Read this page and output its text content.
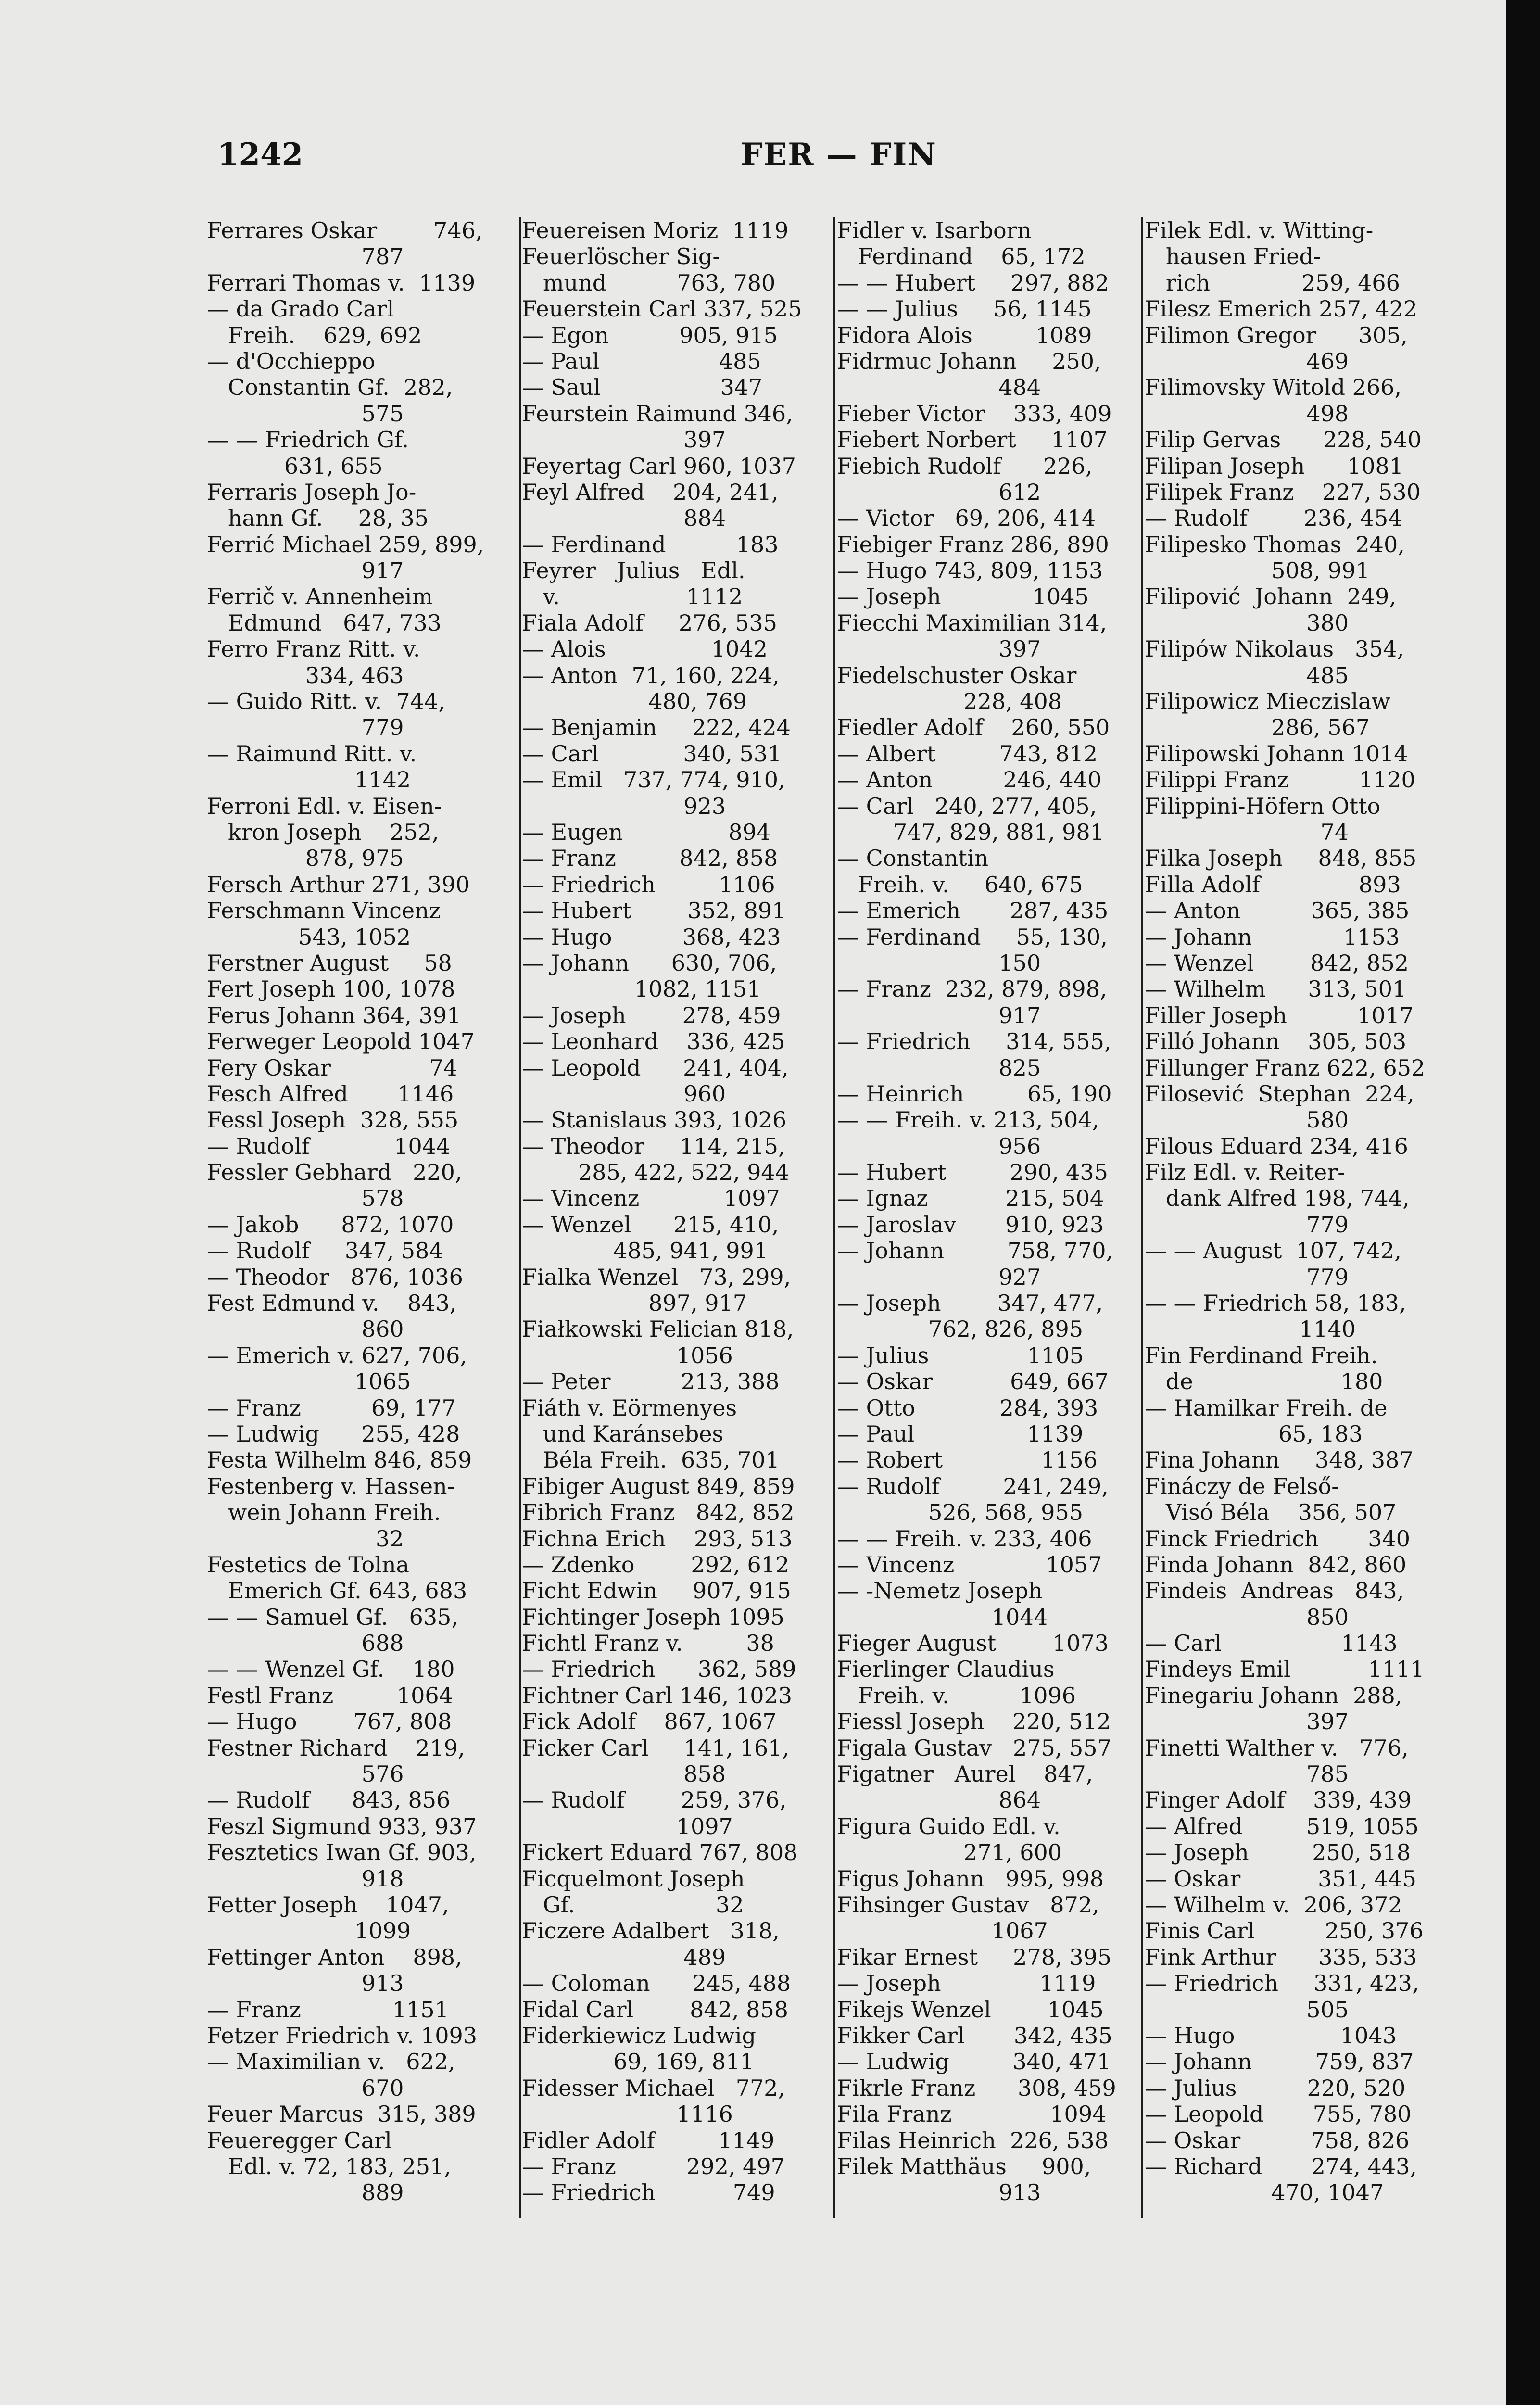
1242	FER — FIN
Ferrares Oskar        746,
787
Ferrari Thomas v.  1139
— da Grado Carl
Freih.    629, 692
— d'Occhieppo
Constantin Gf.  282,
575
— — Friedrich Gf.
631, 655
Ferraris Joseph Jo-
hann Gf.     28, 35
Ferrić Michael 259, 899,
917
Ferrič v. Annenheim
Edmund   647, 733
Ferro Franz Ritt. v.
334, 463
— Guido Ritt. v.  744,
779
— Raimund Ritt. v.
1142
Ferroni Edl. v. Eisen-
kron Joseph    252,
878, 975
Fersch Arthur 271, 390
Ferschmann Vincenz
543, 1052
Ferstner August     58
Fert Joseph 100, 1078
Ferus Johann 364, 391
Ferweger Leopold 1047
Fery Oskar              74
Fesch Alfred       1146
Fessl Joseph  328, 555
— Rudolf            1044
Fessler Gebhard   220,
578
— Jakob      872, 1070
— Rudolf     347, 584
— Theodor   876, 1036
Fest Edmund v.    843,
860
— Emerich v. 627, 706,
1065
— Franz          69, 177
— Ludwig      255, 428
Festa Wilhelm 846, 859
Festenberg v. Hassen-
wein Johann Freih.
32
Festetics de Tolna
Emerich Gf. 643, 683
— — Samuel Gf.   635,
688
— — Wenzel Gf.    180
Festl Franz         1064
— Hugo        767, 808
Festner Richard    219,
576
— Rudolf      843, 856
Feszl Sigmund 933, 937
Fesztetics Iwan Gf. 903,
918
Fetter Joseph    1047,
1099
Fettinger Anton    898,
913
— Franz             1151
Fetzer Friedrich v. 1093
— Maximilian v.   622,
670
Feuer Marcus  315, 389
Feueregger Carl
Edl. v. 72, 183, 251,
889
Feuereisen Moriz  1119
Feuerlöscher Sig-
mund          763, 780
Feuerstein Carl 337, 525
— Egon          905, 915
— Paul                 485
— Saul                 347
Feurstein Raimund 346,
397
Feyertag Carl 960, 1037
Feyl Alfred    204, 241,
884
— Ferdinand          183
Feyrer   Julius   Edl.
v.                  1112
Fiala Adolf     276, 535
— Alois               1042
— Anton  71, 160, 224,
480, 769
— Benjamin     222, 424
— Carl            340, 531
— Emil   737, 774, 910,
923
— Eugen               894
— Franz         842, 858
— Friedrich         1106
— Hubert        352, 891
— Hugo          368, 423
— Johann      630, 706,
1082, 1151
— Joseph        278, 459
— Leonhard    336, 425
— Leopold      241, 404,
960
— Stanislaus 393, 1026
— Theodor     114, 215,
285, 422, 522, 944
— Vincenz            1097
— Wenzel      215, 410,
485, 941, 991
Fialka Wenzel   73, 299,
897, 917
Fiałkowski Felician 818,
1056
— Peter          213, 388
Fiáth v. Eörmenyes
und Karánsebes
Béla Freih.  635, 701
Fibiger August 849, 859
Fibrich Franz   842, 852
Fichna Erich    293, 513
— Zdenko        292, 612
Ficht Edwin     907, 915
Fichtinger Joseph 1095
Fichtl Franz v.         38
— Friedrich      362, 589
Fichtner Carl 146, 1023
Fick Adolf    867, 1067
Ficker Carl     141, 161,
858
— Rudolf        259, 376,
1097
Fickert Eduard 767, 808
Ficquelmont Joseph
Gf.                    32
Ficzere Adalbert   318,
489
— Coloman      245, 488
Fidal Carl        842, 858
Fiderkiewicz Ludwig
69, 169, 811
Fidesser Michael   772,
1116
Fidler Adolf         1149
— Franz          292, 497
— Friedrich           749
Fidler v. Isarborn
Ferdinand    65, 172
— — Hubert     297, 882
— — Julius     56, 1145
Fidora Alois         1089
Fidrmuc Johann     250,
484
Fieber Victor    333, 409
Fiebert Norbert     1107
Fiebich Rudolf      226,
612
— Victor   69, 206, 414
Fiebiger Franz 286, 890
— Hugo 743, 809, 1153
— Joseph             1045
Fiecchi Maximilian 314,
397
Fiedelschuster Oskar
228, 408
Fiedler Adolf    260, 550
— Albert         743, 812
— Anton          246, 440
— Carl   240, 277, 405,
747, 829, 881, 981
— Constantin
Freih. v.     640, 675
— Emerich       287, 435
— Ferdinand     55, 130,
150
— Franz  232, 879, 898,
917
— Friedrich     314, 555,
825
— Heinrich         65, 190
— — Freih. v. 213, 504,
956
— Hubert         290, 435
— Ignaz           215, 504
— Jaroslav       910, 923
— Johann         758, 770,
927
— Joseph        347, 477,
762, 826, 895
— Julius              1105
— Oskar           649, 667
— Otto            284, 393
— Paul                1139
— Robert              1156
— Rudolf         241, 249,
526, 568, 955
— — Freih. v. 233, 406
— Vincenz             1057
— -Nemetz Joseph
1044
Fieger August        1073
Fierlinger Claudius
Freih. v.          1096
Fiessl Joseph    220, 512
Figala Gustav   275, 557
Figatner   Aurel    847,
864
Figura Guido Edl. v.
271, 600
Figus Johann   995, 998
Fihsinger Gustav   872,
1067
Fikar Ernest     278, 395
— Joseph              1119
Fikejs Wenzel        1045
Fikker Carl       342, 435
— Ludwig         340, 471
Fikrle Franz      308, 459
Fila Franz              1094
Filas Heinrich  226, 538
Filek Matthäus     900,
913
Filek Edl. v. Witting-
hausen Fried-
rich             259, 466
Filesz Emerich 257, 422
Filimon Gregor      305,
469
Filimovsky Witold 266,
498
Filip Gervas      228, 540
Filipan Joseph      1081
Filipek Franz    227, 530
— Rudolf        236, 454
Filipesko Thomas  240,
508, 991
Filipović  Johann  249,
380
Filipów Nikolaus   354,
485
Filipowicz Mieczislaw
286, 567
Filipowski Johann 1014
Filippi Franz          1120
Filippini-Höfern Otto
74
Filka Joseph     848, 855
Filla Adolf              893
— Anton          365, 385
— Johann             1153
— Wenzel        842, 852
— Wilhelm      313, 501
Filler Joseph          1017
Filló Johann    305, 503
Fillunger Franz 622, 652
Filosević  Stephan  224,
580
Filous Eduard 234, 416
Filz Edl. v. Reiter-
dank Alfred 198, 744,
779
— — August  107, 742,
779
— — Friedrich 58, 183,
1140
Fin Ferdinand Freih.
de                     180
— Hamilkar Freih. de
65, 183
Fina Johann     348, 387
Fináczy de Felső-
Visó Béla    356, 507
Finck Friedrich       340
Finda Johann  842, 860
Findeis  Andreas   843,
850
— Carl                 1143
Findeys Emil           1111
Finegariu Johann  288,
397
Finetti Walther v.   776,
785
Finger Adolf    339, 439
— Alfred         519, 1055
— Joseph         250, 518
— Oskar           351, 445
— Wilhelm v.  206, 372
Finis Carl          250, 376
Fink Arthur      335, 533
— Friedrich     331, 423,
505
— Hugo               1043
— Johann         759, 837
— Julius          220, 520
— Leopold       755, 780
— Oskar          758, 826
— Richard       274, 443,
470, 1047
